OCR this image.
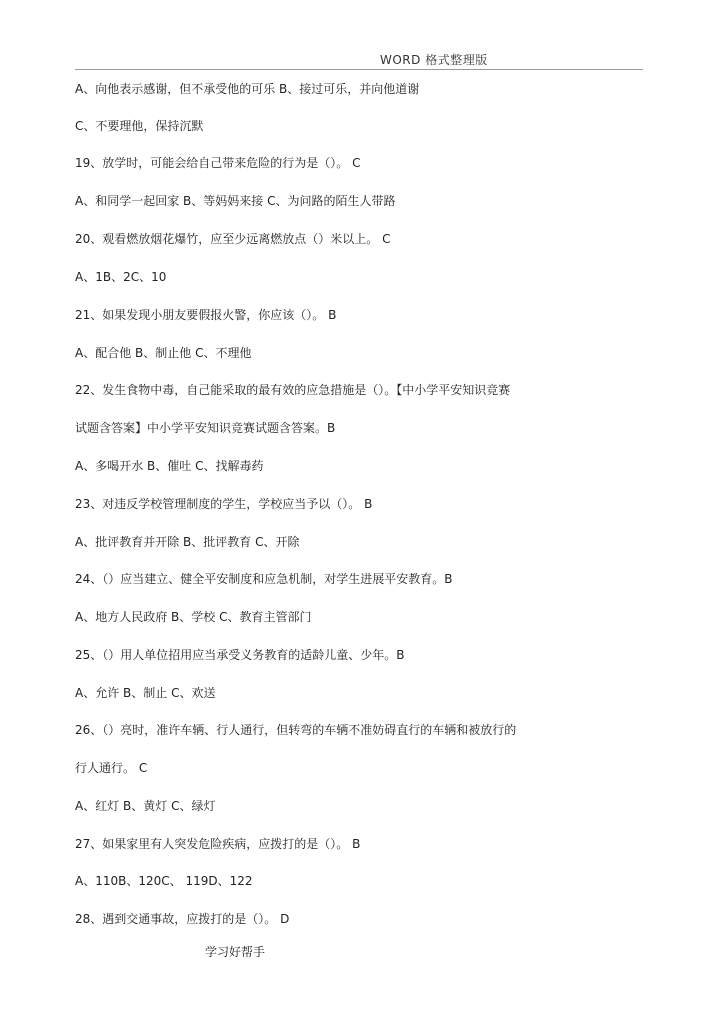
WORD 格式整理版
A、向他表示感谢，但不承受他的可乐 B、接过可乐，并向他道谢
C、不要理他，保持沉默
19、放学时，可能会给自己带来危险的行为是（）。 C
A、和同学一起回家 B、等妈妈来接 C、为问路的陌生人带路
20、观看燃放烟花爆竹，应至少远离燃放点（）米以上。 C
A、1B、2C、10
21、如果发现小朋友要假报火警，你应该（）。 B
A、配合他 B、制止他 C、不理他
22、发生食物中毒，自己能采取的最有效的应急措施是（）。【中小学平安知识竞赛
试题含答案】中小学平安知识竞赛试题含答案。B
A、多喝开水 B、催吐 C、找解毒药
23、对违反学校管理制度的学生，学校应当予以（）。 B
A、批评教育并开除 B、批评教育 C、开除
24、（）应当建立、健全平安制度和应急机制，对学生进展平安教育。B
A、地方人民政府 B、学校 C、教育主管部门
25、（）用人单位招用应当承受义务教育的适龄儿童、少年。B
A、允许 B、制止 C、欢送
26、（）亮时，准许车辆、行人通行，但转弯的车辆不准妨碍直行的车辆和被放行的
行人通行。 C
A、红灯 B、黄灯 C、绿灯
27、如果家里有人突发危险疾病，应拨打的是（）。 B
A、110B、120C、 119D、122
28、遇到交通事故，应拨打的是（）。 D
学习好帮手
